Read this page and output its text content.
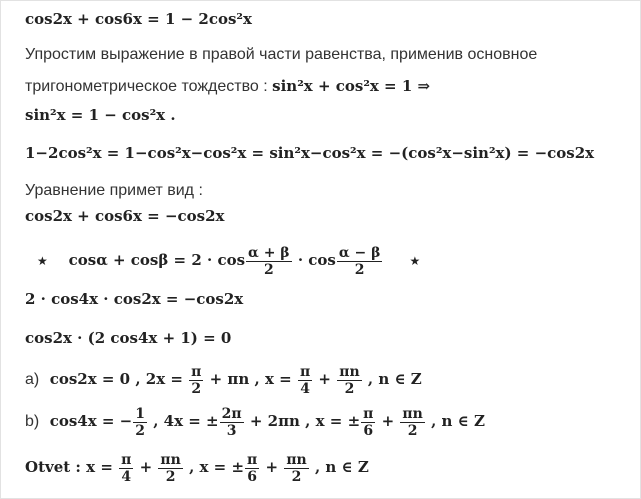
cos2x + cos6x = 1 − 2cos²x
Упростим выражение в правой части равенства, применив основное
тригонометрическое тождество : sin²x + cos²x = 1 ⇒
sin²x = 1 − cos²x .
1−2cos²x = 1−cos²x−cos²x = sin²x−cos²x = −(cos²x−sin²x) = −cos2x
Уравнение примет вид :
cos2x + cos6x = −cos2x
★ $\cos\alpha + \cos\beta = 2 \cdot \cos \frac{\alpha + \beta}{2} \cdot \cos \frac{\alpha - \beta}{2}$ ★
2 · cos4x · cos2x = −cos2x
cos2x · (2 cos4x + 1) = 0
a) cos2x = 0 , $2x = \frac{\pi}{2} + \pi n$ , $x = \frac{\pi}{4} + \frac{\pi n}{2}$ , n ∈ Z
b) cos4x = − $\frac{1}{2}$ , 4x = ± $\frac{2\pi}{3} + 2\pi n$ , x = ± $\frac{\pi}{6} + \frac{\pi n}{2}$ , n ∈ Z
Otvet : $x = \frac{\pi}{4} + \frac{\pi n}{2}$ , x = ± $\frac{\pi}{6} + \frac{\pi n}{2}$ , n ∈ Z
